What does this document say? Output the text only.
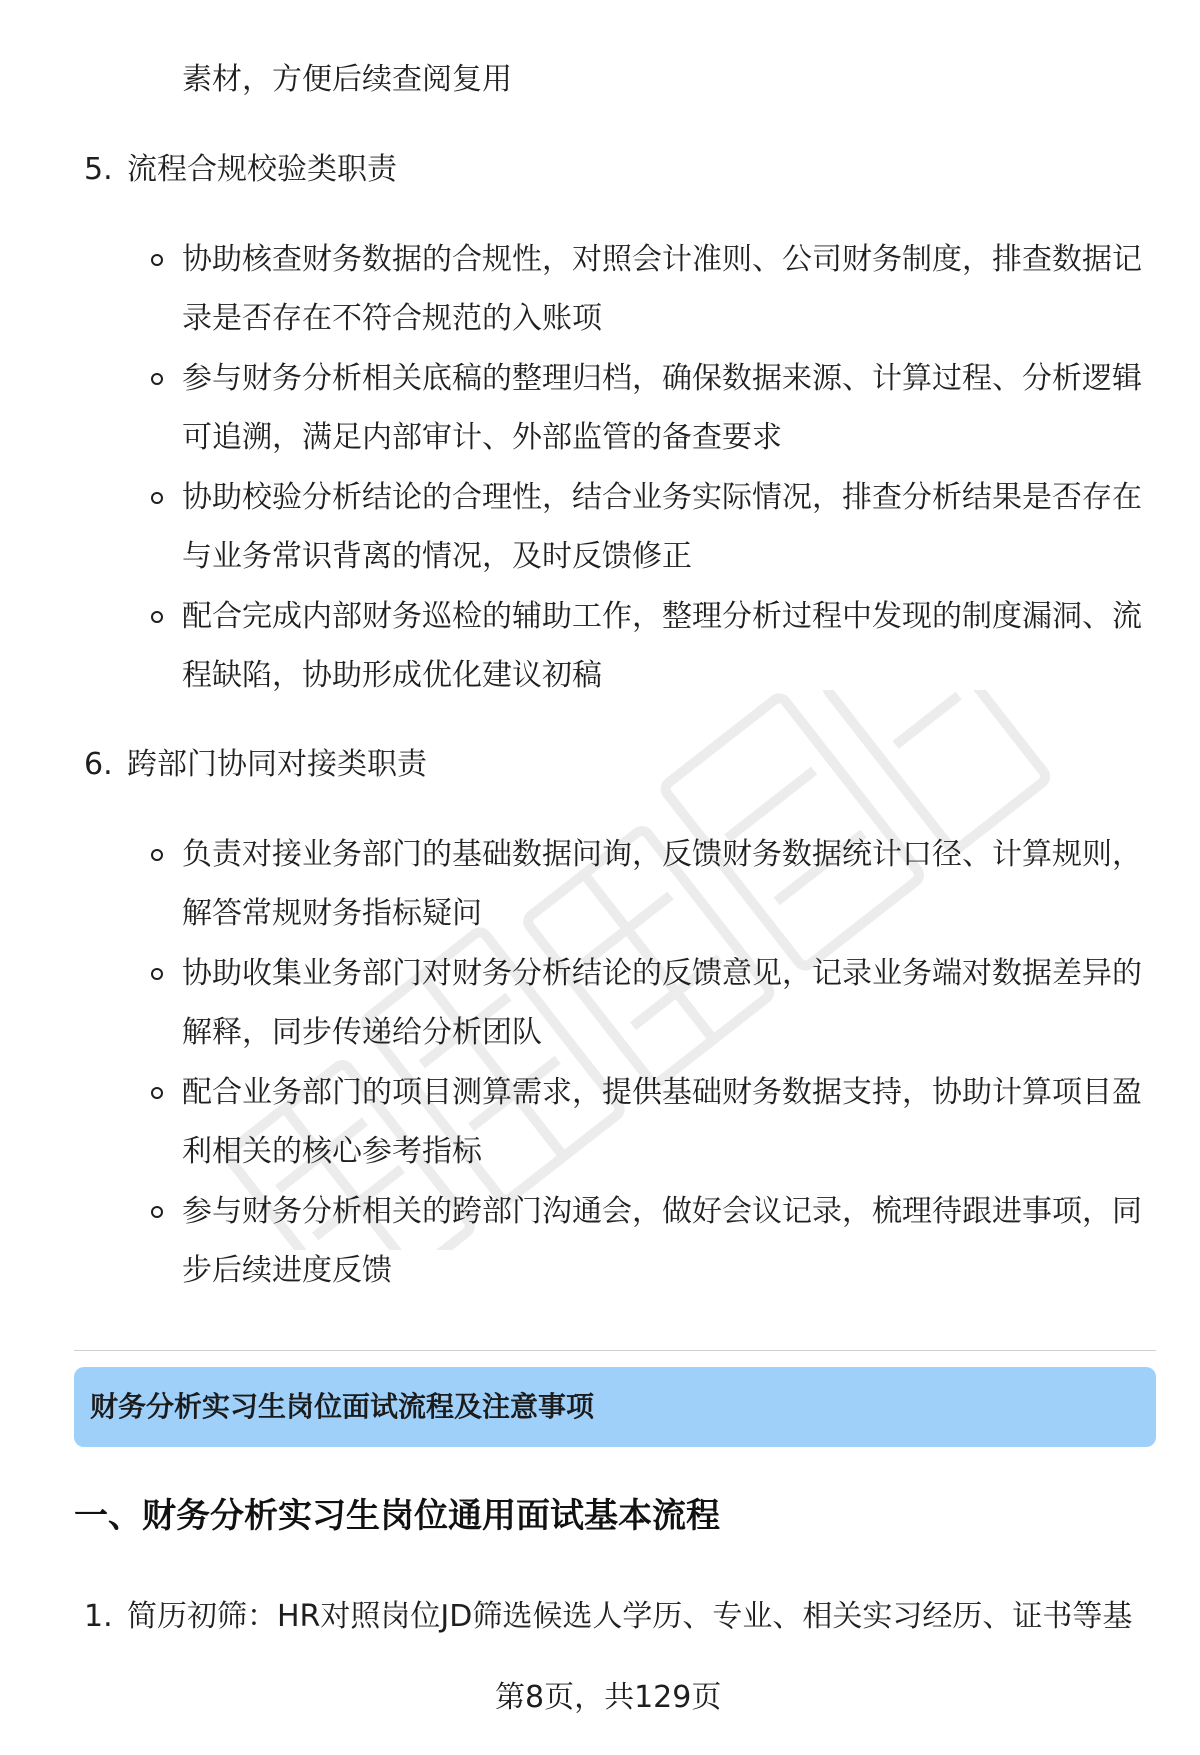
素材，方便后续查阅复用
5. 流程合规校验类职责
协助核查财务数据的合规性，对照会计准则、公司财务制度，排查数据记
录是否存在不符合规范的入账项
参与财务分析相关底稿的整理归档，确保数据来源、计算过程、分析逻辑
可追溯，满足内部审计、外部监管的备查要求
协助校验分析结论的合理性，结合业务实际情况，排查分析结果是否存在
与业务常识背离的情况，及时反馈修正
配合完成内部财务巡检的辅助工作，整理分析过程中发现的制度漏洞、流
程缺陷，协助形成优化建议初稿
6. 跨部门协同对接类职责
负责对接业务部门的基础数据问询，反馈财务数据统计口径、计算规则，
解答常规财务指标疑问
协助收集业务部门对财务分析结论的反馈意见，记录业务端对数据差异的
解释，同步传递给分析团队
配合业务部门的项目测算需求，提供基础财务数据支持，协助计算项目盈
利相关的核心参考指标
参与财务分析相关的跨部门沟通会，做好会议记录，梳理待跟进事项，同
步后续进度反馈
财务分析实习生岗位面试流程及注意事项
一、财务分析实习生岗位通用面试基本流程
1. 简历初筛：HR对照岗位JD筛选候选人学历、专业、相关实习经历、证书等基
第8页，共129页
